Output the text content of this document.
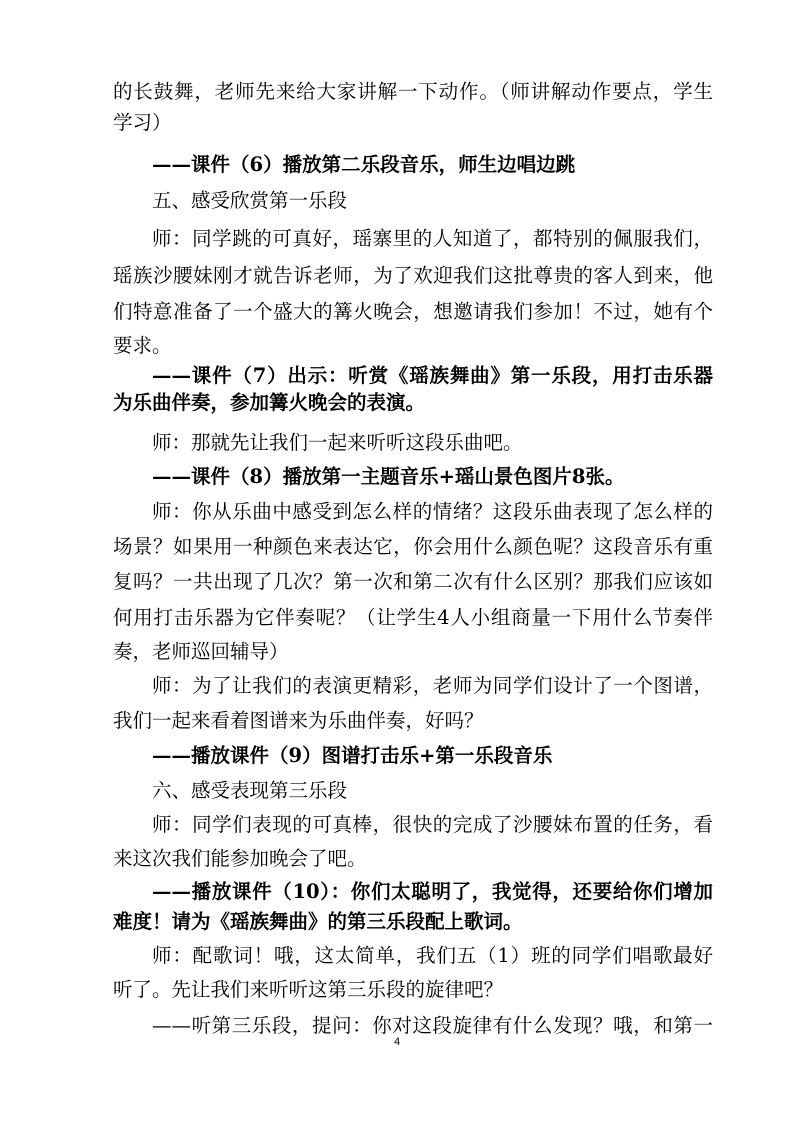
的长鼓舞，老师先来给大家讲解一下动作。（师讲解动作要点，学生
学习）
——课件（6）播放第二乐段音乐，师生边唱边跳
五、感受欣赏第一乐段
师：同学跳的可真好，瑶寨里的人知道了，都特别的佩服我们，
瑶族沙腰妹刚才就告诉老师，为了欢迎我们这批尊贵的客人到来，他
们特意准备了一个盛大的篝火晚会，想邀请我们参加！不过，她有个
要求。
——课件（7）出示：听赏《瑶族舞曲》第一乐段，用打击乐器
为乐曲伴奏，参加篝火晚会的表演。
师：那就先让我们一起来听听这段乐曲吧。
——课件（8）播放第一主题音乐+瑶山景色图片8张。
师：你从乐曲中感受到怎么样的情绪？这段乐曲表现了怎么样的
场景？如果用一种颜色来表达它，你会用什么颜色呢？这段音乐有重
复吗？一共出现了几次？第一次和第二次有什么区别？那我们应该如
何用打击乐器为它伴奏呢？（让学生4人小组商量一下用什么节奏伴
奏，老师巡回辅导）
师：为了让我们的表演更精彩，老师为同学们设计了一个图谱，
我们一起来看着图谱来为乐曲伴奏，好吗？
——播放课件（9）图谱打击乐+第一乐段音乐
六、感受表现第三乐段
师：同学们表现的可真棒，很快的完成了沙腰妹布置的任务，看
来这次我们能参加晚会了吧。
——播放课件（10）：你们太聪明了，我觉得，还要给你们增加
难度！请为《瑶族舞曲》的第三乐段配上歌词。
师：配歌词！哦，这太简单，我们五（1）班的同学们唱歌最好
听了。先让我们来听听这第三乐段的旋律吧？
——听第三乐段，提问：你对这段旋律有什么发现？哦，和第一
4
